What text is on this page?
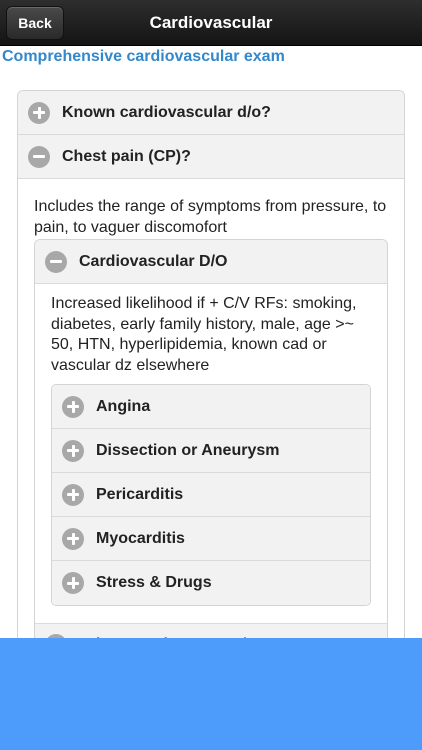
Cardiovascular
Back
Comprehensive cardiovascular exam
Known cardiovascular d/o?
Chest pain (CP)?

Includes the range of symptoms from pressure, to pain, to vaguer discomofort

Cardiovascular D/O

Increased likelihood if + C/V RFs: smoking, diabetes, early family history, male, age >~ 50, HTN, hyperlipidemia, known cad or vascular dz elsewhere

Angina
Dissection or Aneurysm
Pericarditis
Myocarditis
Stress & Drugs
